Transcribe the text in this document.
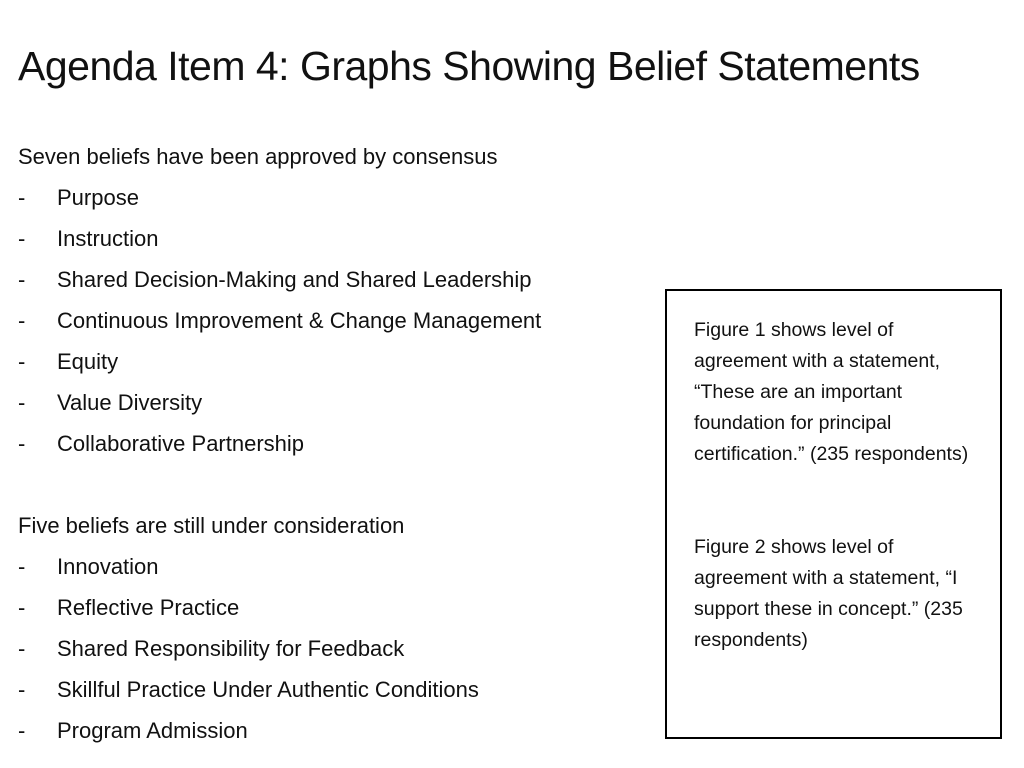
Agenda Item 4: Graphs Showing Belief Statements
Seven beliefs have been approved by consensus
-	Purpose
-	Instruction
-	Shared Decision-Making and Shared Leadership
-	Continuous Improvement & Change Management
-	Equity
-	Value Diversity
-	Collaborative Partnership
Five beliefs are still under consideration
-	Innovation
-	Reflective Practice
-	Shared Responsibility for Feedback
-	Skillful Practice Under Authentic Conditions
-	Program Admission

Figure 1 shows level of agreement with a statement, “These are an important foundation for principal certification.” (235 respondents)

Figure 2 shows level of agreement with a statement, “I support these in concept.” (235 respondents)
